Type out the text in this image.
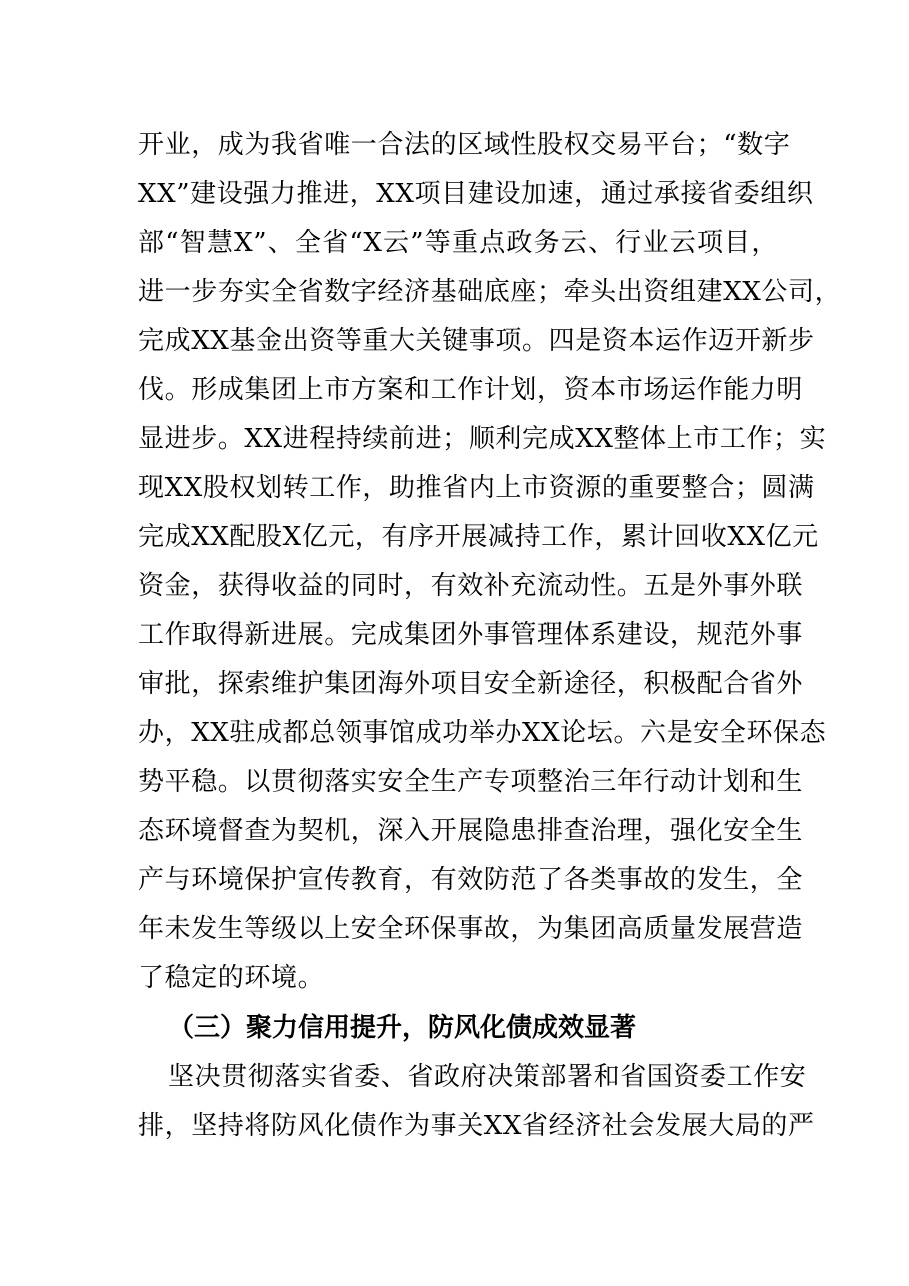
开业，成为我省唯一合法的区域性股权交易平台；“数字
XX”建设强力推进，XX项目建设加速，通过承接省委组织
部“智慧X”、全省“X云”等重点政务云、行业云项目，
进一步夯实全省数字经济基础底座；牵头出资组建XX公司，
完成XX基金出资等重大关键事项。四是资本运作迈开新步
伐。形成集团上市方案和工作计划，资本市场运作能力明
显进步。XX进程持续前进；顺利完成XX整体上市工作；实
现XX股权划转工作，助推省内上市资源的重要整合；圆满
完成XX配股X亿元，有序开展减持工作，累计回收XX亿元
资金，获得收益的同时，有效补充流动性。五是外事外联
工作取得新进展。完成集团外事管理体系建设，规范外事
审批，探索维护集团海外项目安全新途径，积极配合省外
办，XX驻成都总领事馆成功举办XX论坛。六是安全环保态
势平稳。以贯彻落实安全生产专项整治三年行动计划和生
态环境督查为契机，深入开展隐患排查治理，强化安全生
产与环境保护宣传教育，有效防范了各类事故的发生，全
年未发生等级以上安全环保事故，为集团高质量发展营造
了稳定的环境。
（三）聚力信用提升，防风化债成效显著
坚决贯彻落实省委、省政府决策部署和省国资委工作安
排，坚持将防风化债作为事关XX省经济社会发展大局的严
